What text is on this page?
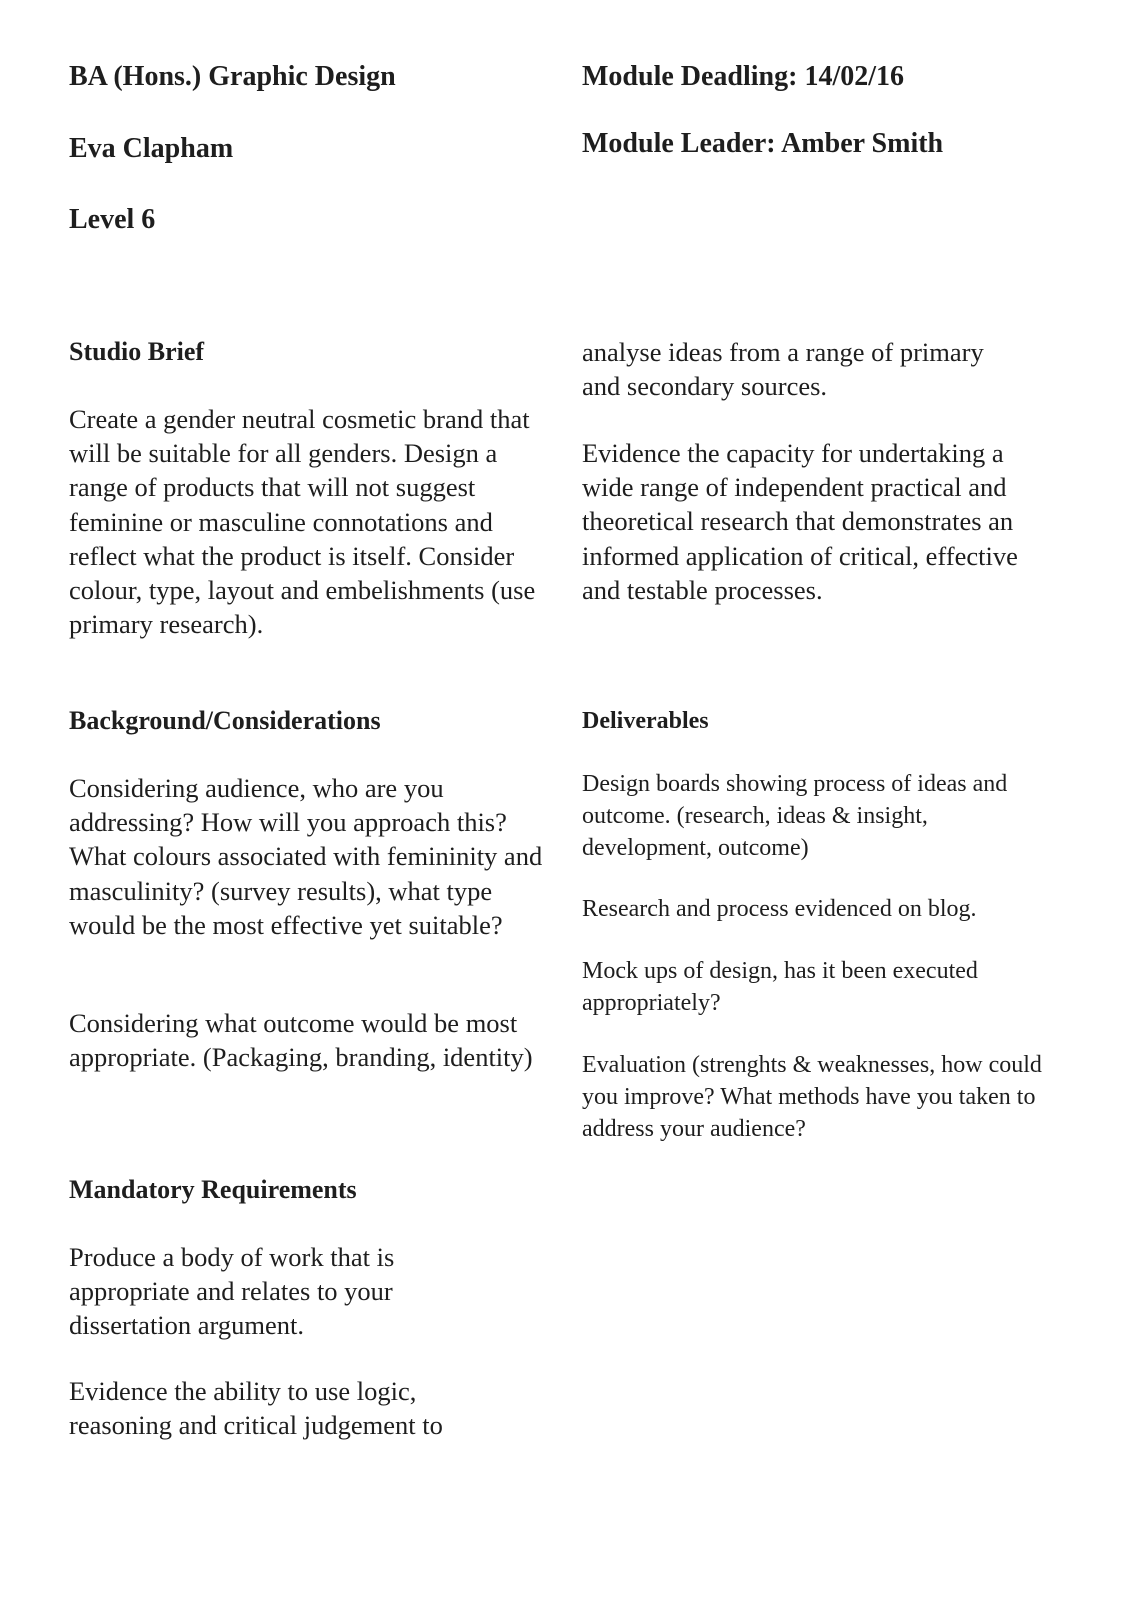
BA (Hons.) Graphic Design
Eva Clapham
Level 6
Studio Brief

Create a gender neutral cosmetic brand that will be suitable for all genders. Design a range of products that will not suggest feminine or masculine connotations and reflect what the product is itself. Consider colour, type, layout and embelishments (use primary research).

Background/Considerations

Considering audience, who are you addressing? How will you approach this? What colours associated with femininity and masculinity? (survey results), what type would be the most effective yet suitable?

Considering what outcome would be most appropriate. (Packaging, branding, identity)

Mandatory Requirements

Produce a body of work that is appropriate and relates to your dissertation argument.

Evidence the ability to use logic, reasoning and critical judgement to

Module Deadling: 14/02/16
Module Leader: Amber Smith

analyse ideas from a range of primary and secondary sources.

Evidence the capacity for undertaking a wide range of independent practical and theoretical research that demonstrates an informed application of critical, effective and testable processes.

Deliverables

Design boards showing process of ideas and outcome. (research, ideas & insight, development, outcome)

Research and process evidenced on blog.

Mock ups of design, has it been executed appropriately?

Evaluation (strenghts & weaknesses, how could you improve? What methods have you taken to address your audience?
